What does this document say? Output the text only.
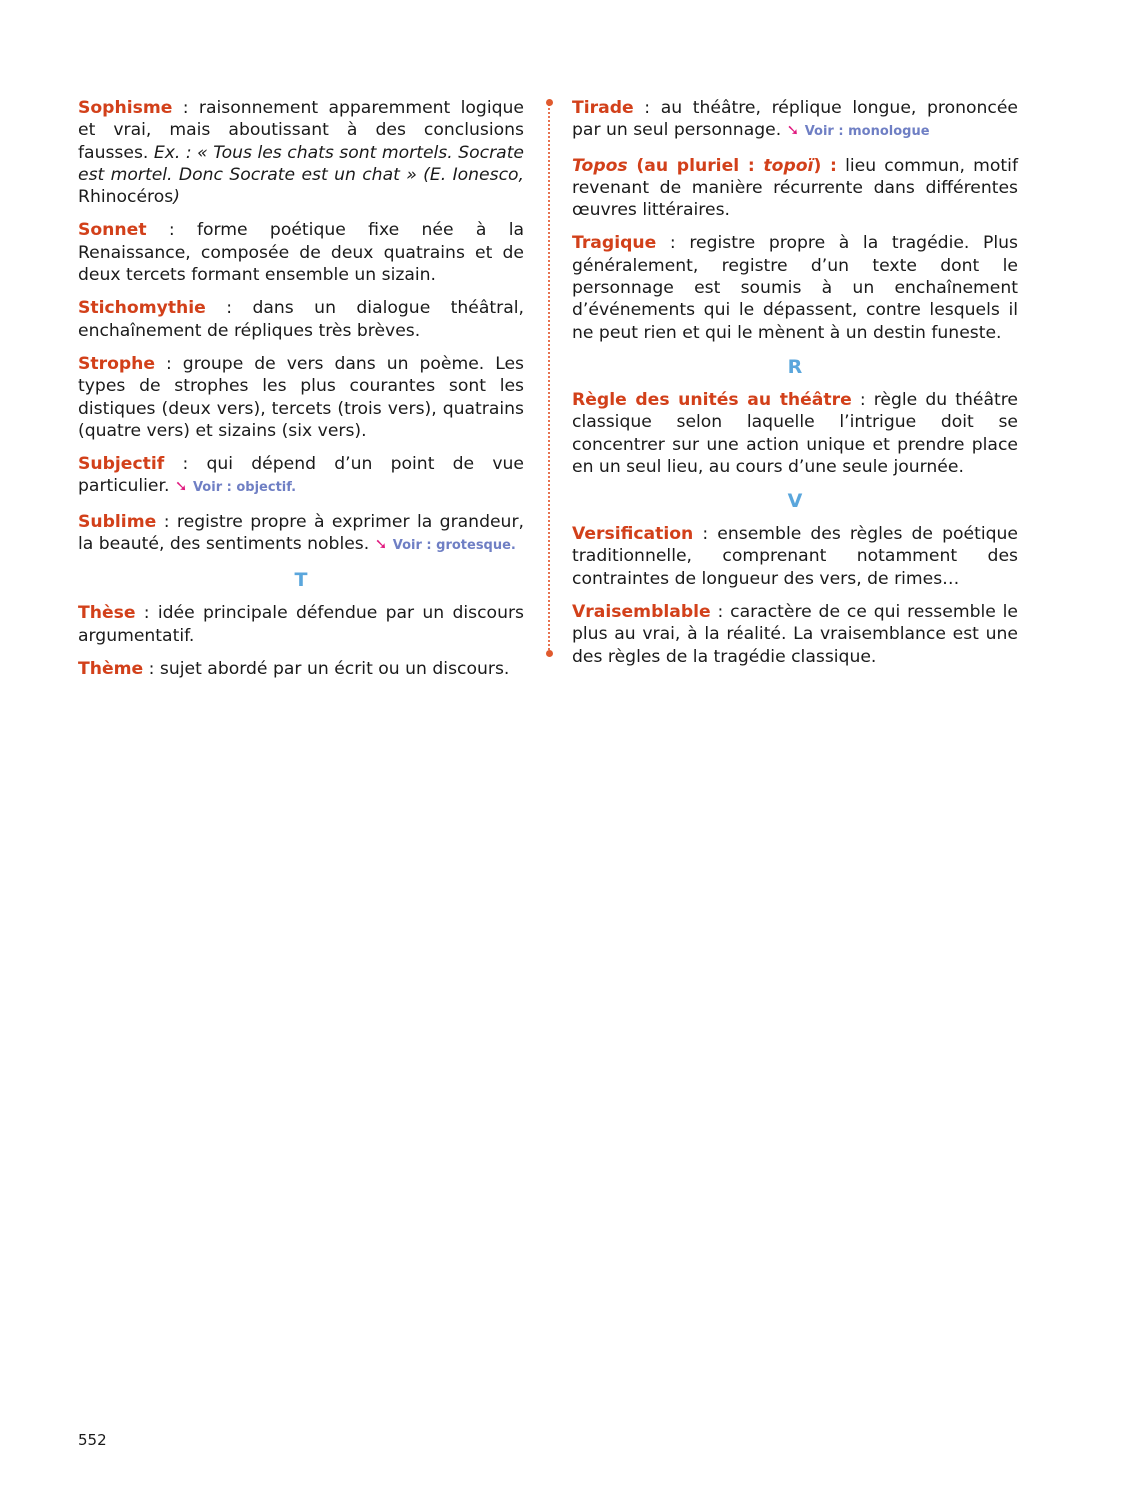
Sophisme : raisonnement apparemment logique et vrai, mais aboutissant à des conclusions fausses. Ex. : « Tous les chats sont mortels. Socrate est mortel. Donc Socrate est un chat » (E. Ionesco, Rhinocéros)

Sonnet : forme poétique fixe née à la Renaissance, composée de deux quatrains et de deux tercets formant ensemble un sizain.

Stichomythie : dans un dialogue théâtral, enchaînement de répliques très brèves.

Strophe : groupe de vers dans un poème. Les types de strophes les plus courantes sont les distiques (deux vers), tercets (trois vers), quatrains (quatre vers) et sizains (six vers).

Subjectif : qui dépend d’un point de vue particulier. ➘ Voir : objectif.

Sublime : registre propre à exprimer la grandeur, la beauté, des sentiments nobles. ➘ Voir : grotesque.

T

Thèse : idée principale défendue par un discours argumentatif.

Thème : sujet abordé par un écrit ou un discours.

Tirade : au théâtre, réplique longue, prononcée par un seul personnage. ➘ Voir : monologue

Topos (au pluriel : topoï) : lieu commun, motif revenant de manière récurrente dans différentes œuvres littéraires.

Tragique : registre propre à la tragédie. Plus généralement, registre d’un texte dont le personnage est soumis à un enchaînement d’événements qui le dépassent, contre lesquels il ne peut rien et qui le mènent à un destin funeste.

R

Règle des unités au théâtre : règle du théâtre classique selon laquelle l’intrigue doit se concentrer sur une action unique et prendre place en un seul lieu, au cours d’une seule journée.

V

Versification : ensemble des règles de poétique traditionnelle, comprenant notamment des contraintes de longueur des vers, de rimes…

Vraisemblable : caractère de ce qui ressemble le plus au vrai, à la réalité. La vraisemblance est une des règles de la tragédie classique.

552
